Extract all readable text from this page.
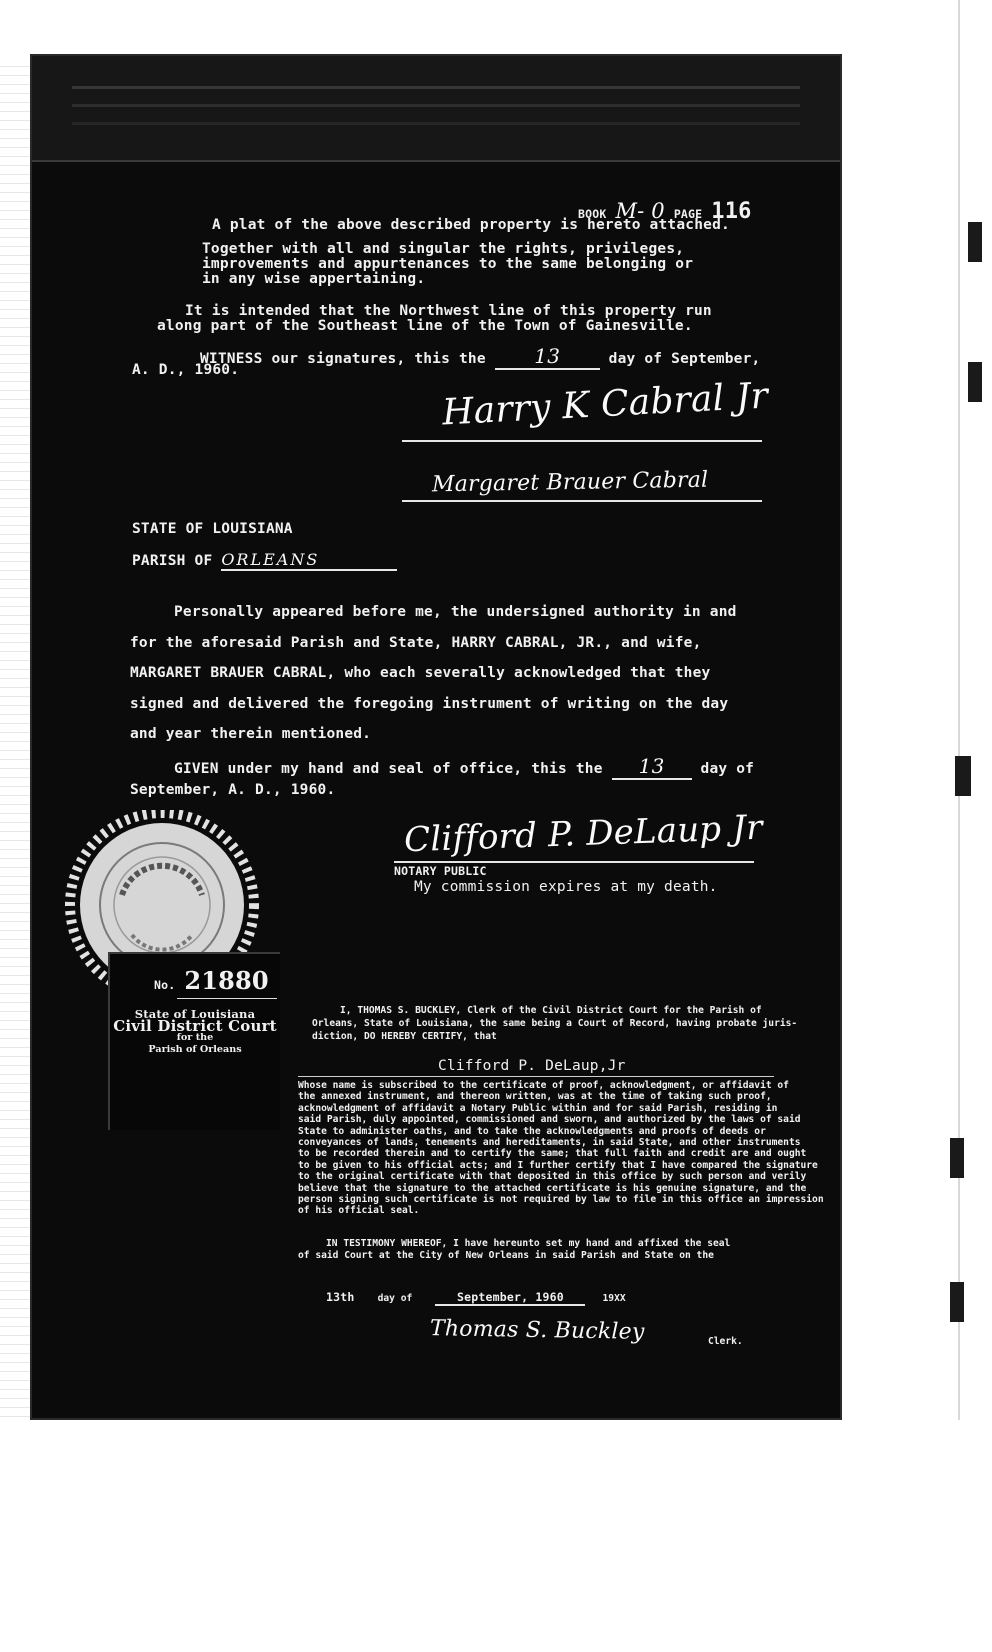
BOOK M- 0 PAGE 116
A plat of the above described property is hereto attached.

Together with all and singular the rights, privileges,

improvements and appurtenances to the same belonging or

in any wise appertaining.

It is intended that the Northwest line of this property run

along part of the Southeast line of the Town of Gainesville.

WITNESS our signatures, this the 13	day of September,
A. D., 1960.
Harry K Cabral Jr
Margaret Brauer Cabral
STATE OF LOUISIANA
PARISH OF ORLEANS

Personally appeared before me, the undersigned authority in and

for the aforesaid Parish and State, HARRY CABRAL, JR., and wife,

MARGARET BRAUER CABRAL, who each severally acknowledged that they

signed and delivered the foregoing instrument of writing on the day

and year therein mentioned.

GIVEN under my hand and seal of office, this the 13 day of
September, A. D., 1960.
Clifford P. DeLaup Jr
NOTARY PUBLIC
My commission expires at my death.
No. 21880
State of Louisiana
Civil District Court
for the
Parish of Orleans

I, THOMAS S. BUCKLEY, Clerk of the Civil District Court for the Parish of

Orleans, State of Louisiana, the same being a Court of Record, having probate juris-

diction, DO HEREBY CERTIFY, that

Clifford P. DeLaup,Jr

Whose name is subscribed to the certificate of proof, acknowledgment, or affidavit of

the annexed instrument, and thereon written, was at the time of taking such proof,

acknowledgment of affidavit a Notary Public within and for said Parish, residing in

said Parish, duly appointed, commissioned and sworn, and authorized by the laws of said

State to administer oaths, and to take the acknowledgments and proofs of deeds or

conveyances of lands, tenements and hereditaments, in said State, and other instruments

to be recorded therein and to certify the same; that full faith and credit are and ought

to be given to his official acts; and I further certify that I have compared the signature

to the original certificate with that deposited in this office by such person and verily

believe that the signature to the attached certificate is his genuine signature, and the

person signing such certificate is not required by law to file in this office an impression

of his official seal.

IN TESTIMONY WHEREOF, I have hereunto set my hand and affixed the seal

of said Court at the City of New Orleans in said Parish and State on the

13th day of	September, 1960	19XX
Thomas S. Buckley	Clerk.
